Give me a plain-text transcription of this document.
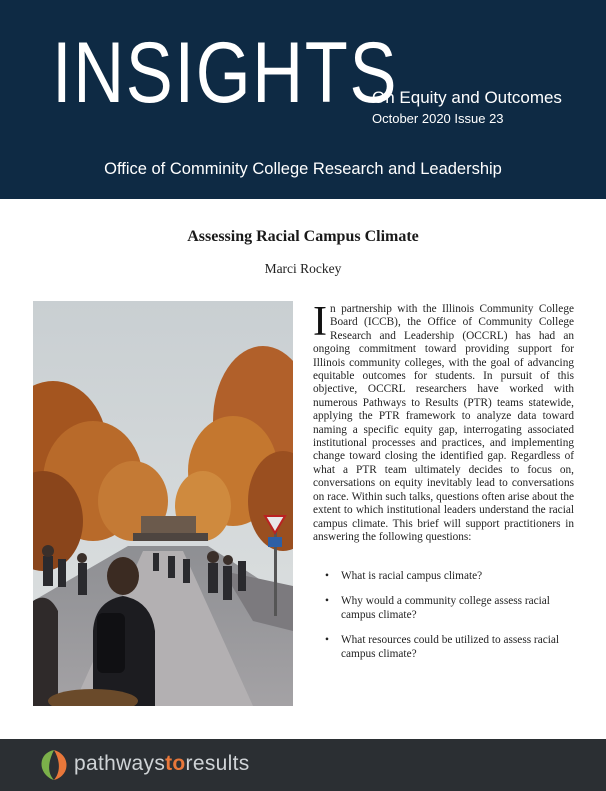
INSIGHTS
On Equity and Outcomes
October 2020 Issue 23
Office of Comminity College Research and Leadership
Assessing Racial Campus Climate
Marci Rockey
I n partnership with the Illinois Community College Board (ICCB), the Office of Community College Research and Leadership (OCCRL) has had an ongoing commitment toward providing support for Illinois community colleges, with the goal of advancing equitable outcomes for students. In pursuit of this objective, OCCRL researchers have worked with numerous Pathways to Results (PTR) teams statewide, applying the PTR framework to analyze data toward naming a specific equity gap, interrogating associated institutional processes and practices, and implementing change toward closing the identified gap. Regardless of what a PTR team ultimately decides to focus on, conversations on equity inevitably lead to conversations on race. Within such talks, questions often arise about the extent to which institutional leaders understand the racial campus climate. This brief will support practitioners in answering the following questions:
• What is racial campus climate?
• Why would a community college assess racial campus climate?
• What resources could be utilized to assess racial campus climate?
pathwaystoresults
